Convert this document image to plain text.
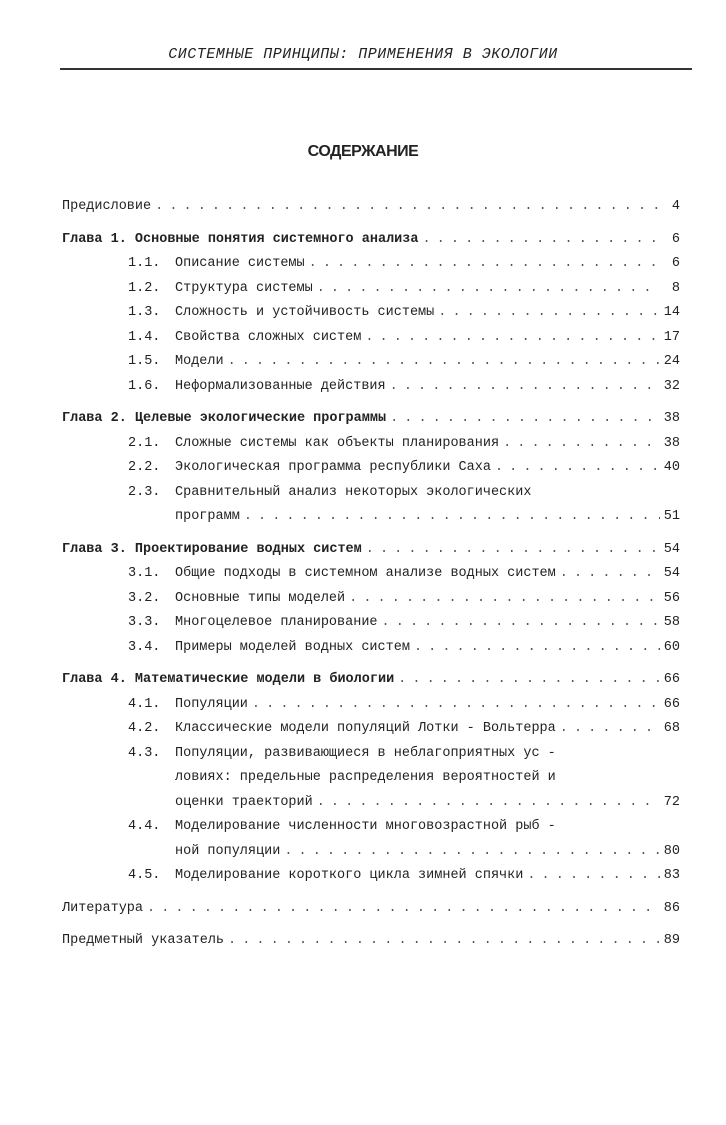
СИСТЕМНЫЕ ПРИНЦИПЫ: ПРИМЕНЕНИЯ В ЭКОЛОГИИ
СОДЕРЖАНИЕ
Предисловие . . .	4
Глава 1. Основные понятия системного анализа . . .	6
1.1. Описание системы . . .	6
1.2. Структура системы . . .	8
1.3. Сложность и устойчивость системы . . .	14
1.4. Свойства сложных систем . . .	17
1.5. Модели . . .	24
1.6. Неформализованные действия . . .	32
Глава 2. Целевые экологические программы . . .	38
2.1. Сложные системы как объекты планирования . . .	38
2.2. Экологическая программа республики Саха . . .	40
2.3. Сравнительный анализ некоторых экологических
программ . . .	51
Глава 3. Проектирование водных систем . . .	54
3.1. Общие подходы в системном анализе водных систем . . .	54
3.2. Основные типы моделей . . .	56
3.3. Многоцелевое планирование . . .	58
3.4. Примеры моделей водных систем . . .	60
Глава 4. Математические модели в биологии . . .	66
4.1. Популяции . . .	66
4.2. Классические модели популяций Лотки - Вольтерра . . .	68
4.3. Популяции, развивающиеся в неблагоприятных ус -
ловиях: предельные распределения вероятностей и
оценки траекторий . . .	72
4.4. Моделирование численности многовозрастной рыб -
ной популяции . . .	80
4.5. Моделирование короткого цикла зимней спячки . . .	83
Литература . . .	86
Предметный указатель . . .	89
